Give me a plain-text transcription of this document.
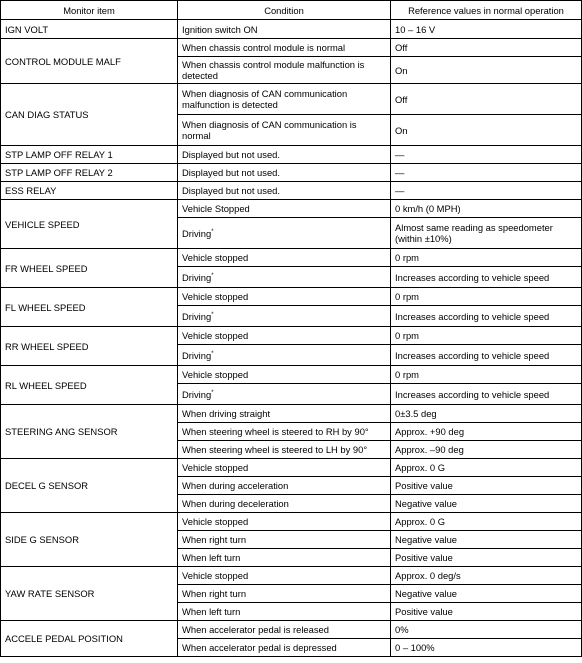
Monitor item	Condition	Reference values in normal operation
IGN VOLT	Ignition switch ON	10 – 16 V
CONTROL MODULE MALF	When chassis control module is normal	Off
	When chassis control module malfunction is detected	On
CAN DIAG STATUS	When diagnosis of CAN communication malfunction is detected	Off
	When diagnosis of CAN communication is normal	On
STP LAMP OFF RELAY 1	Displayed but not used.	—
STP LAMP OFF RELAY 2	Displayed but not used.	—
ESS RELAY	Displayed but not used.	—
VEHICLE SPEED	Vehicle Stopped	0 km/h (0 MPH)
	Driving*	Almost same reading as speedometer (within ±10%)
FR WHEEL SPEED	Vehicle stopped	0 rpm
	Driving*	Increases according to vehicle speed
FL WHEEL SPEED	Vehicle stopped	0 rpm
	Driving*	Increases according to vehicle speed
RR WHEEL SPEED	Vehicle stopped	0 rpm
	Driving*	Increases according to vehicle speed
RL WHEEL SPEED	Vehicle stopped	0 rpm
	Driving*	Increases according to vehicle speed
STEERING ANG SENSOR	When driving straight	0±3.5 deg
	When steering wheel is steered to RH by 90°	Approx. +90 deg
	When steering wheel is steered to LH by 90°	Approx. –90 deg
DECEL G SENSOR	Vehicle stopped	Approx. 0 G
	When during acceleration	Positive value
	When during deceleration	Negative value
SIDE G SENSOR	Vehicle stopped	Approx. 0 G
	When right turn	Negative value
	When left turn	Positive value
YAW RATE SENSOR	Vehicle stopped	Approx. 0 deg/s
	When right turn	Negative value
	When left turn	Positive value
ACCELE PEDAL POSITION	When accelerator pedal is released	0%
	When accelerator pedal is depressed	0 – 100%
